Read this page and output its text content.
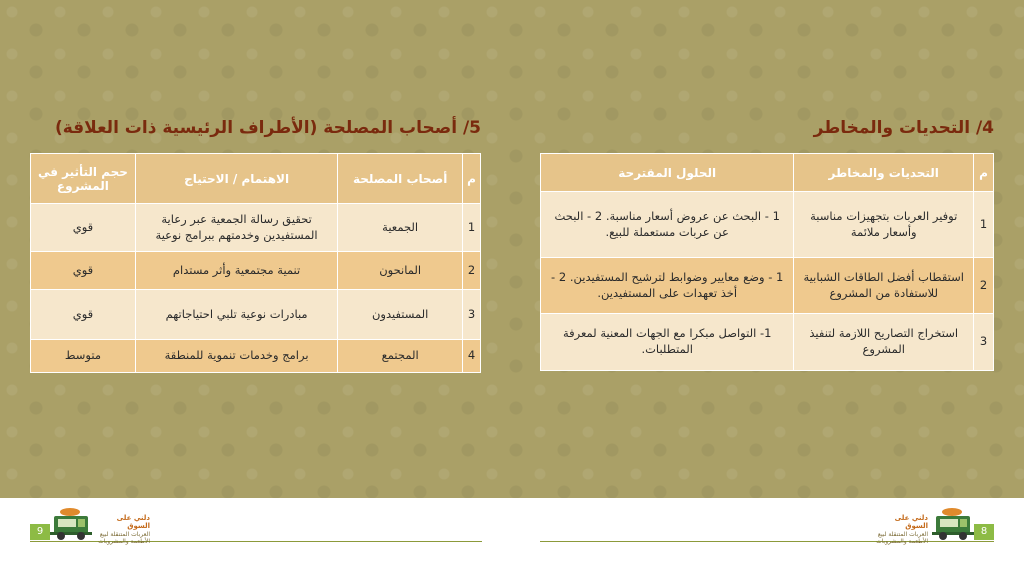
5/ أصحاب المصلحة (الأطراف الرئيسية ذات العلاقة)
م	أصحاب المصلحة	الاهتمام / الاحتياج	حجم التأثير في المشروع
1	الجمعية	تحقيق رسالة الجمعية عبر رعاية المستفيدين وخدمتهم ببرامج نوعية	قوي
2	المانحون	تنمية مجتمعية وأثر مستدام	قوي
3	المستفيدون	مبادرات نوعية تلبي احتياجاتهم	قوي
4	المجتمع	برامج وخدمات تنموية للمنطقة	متوسط
4/ التحديات والمخاطر
م	التحديات والمخاطر	الحلول المقترحة
1	توفير العربات بتجهيزات مناسبة وأسعار ملائمة	1 - البحث عن عروض أسعار مناسبة. 2 - البحث عن عربات مستعملة للبيع.
2	استقطاب أفضل الطاقات الشبابية للاستفادة من المشروع	1 - وضع معايير وضوابط لترشيح المستفيدين. 2 - أخذ تعهدات على المستفيدين.
3	استخراج التصاريح اللازمة لتنفيذ المشروع	1- التواصل مبكرا مع الجهات المعنية لمعرفة المتطلبات.
9	8
دلني على السوق
العربات المتنقلة لبيع الأطعمة والمشروبات
دلني على السوق
العربات المتنقلة لبيع الأطعمة والمشروبات
